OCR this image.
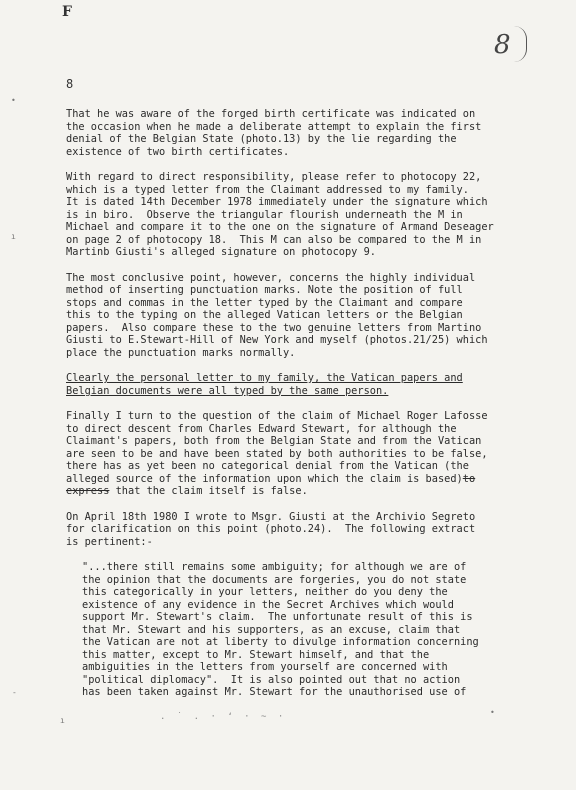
F
8
8

That he was aware of the forged birth certificate was indicated on
the occasion when he made a deliberate attempt to explain the first
denial of the Belgian State (photo.13) by the lie regarding the
existence of two birth certificates.

With regard to direct responsibility, please refer to photocopy 22,
which is a typed letter from the Claimant addressed to my family.
It is dated 14th December 1978 immediately under the signature which
is in biro.  Observe the triangular flourish underneath the M in
Michael and compare it to the one on the signature of Armand Deseager
on page 2 of photocopy 18.  This M can also be compared to the M in
Martinb Giusti's alleged signature on photocopy 9.

The most conclusive point, however, concerns the highly individual
method of inserting punctuation marks. Note the position of full
stops and commas in the letter typed by the Claimant and compare
this to the typing on the alleged Vatican letters or the Belgian
papers.  Also compare these to the two genuine letters from Martino
Giusti to E.Stewart-Hill of New York and myself (photos.21/25) which
place the punctuation marks normally.

Clearly the personal letter to my family, the Vatican papers and
Belgian documents were all typed by the same person.

Finally I turn to the question of the claim of Michael Roger Lafosse
to direct descent from Charles Edward Stewart, for although the
Claimant's papers, both from the Belgian State and from the Vatican
are seen to be and have been stated by both authorities to be false,
there has as yet been no categorical denial from the Vatican (the
alleged source of the information upon which the claim is based)to
express that the claim itself is false.

On April 18th 1980 I wrote to Msgr. Giusti at the Archivio Segreto
for clarification on this point (photo.24).  The following extract
is pertinent:-

"...there still remains some ambiguity; for although we are of
the opinion that the documents are forgeries, you do not state
this categorically in your letters, neither do you deny the
existence of any evidence in the Secret Archives which would
support Mr. Stewart's claim.  The unfortunate result of this is
that Mr. Stewart and his supporters, as an excuse, claim that
the Vatican are not at liberty to divulge information concerning
this matter, except to Mr. Stewart himself, and that the
ambiguities in the letters from yourself are concerned with
"political diplomacy".  It is also pointed out that no action
has been taken against Mr. Stewart for the unauthorised use of

ı
•
-
ı
•
. ˙ . · ʻ · ~ ·
